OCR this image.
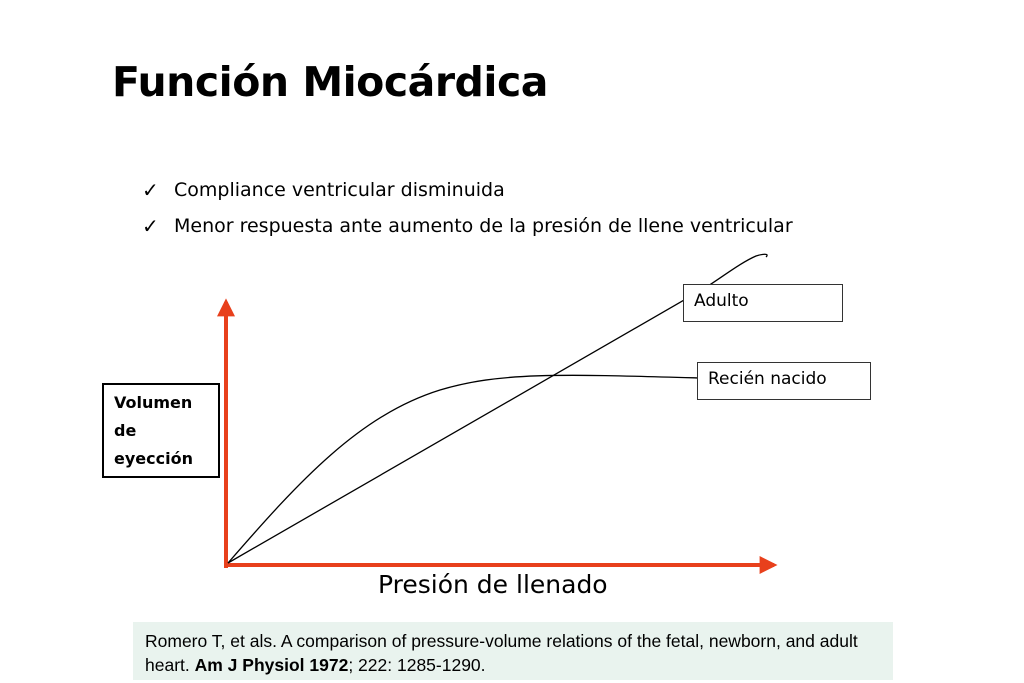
Función Miocárdica
✓ Compliance ventricular disminuida
✓ Menor respuesta ante aumento de la presión de llene ventricular
Adulto
Recién nacido
Volumen
de
eyección
Presión de llenado
Romero T, et als. A comparison of pressure-volume relations of the fetal, newborn, and adult heart. Am J Physiol 1972; 222: 1285-1290.
